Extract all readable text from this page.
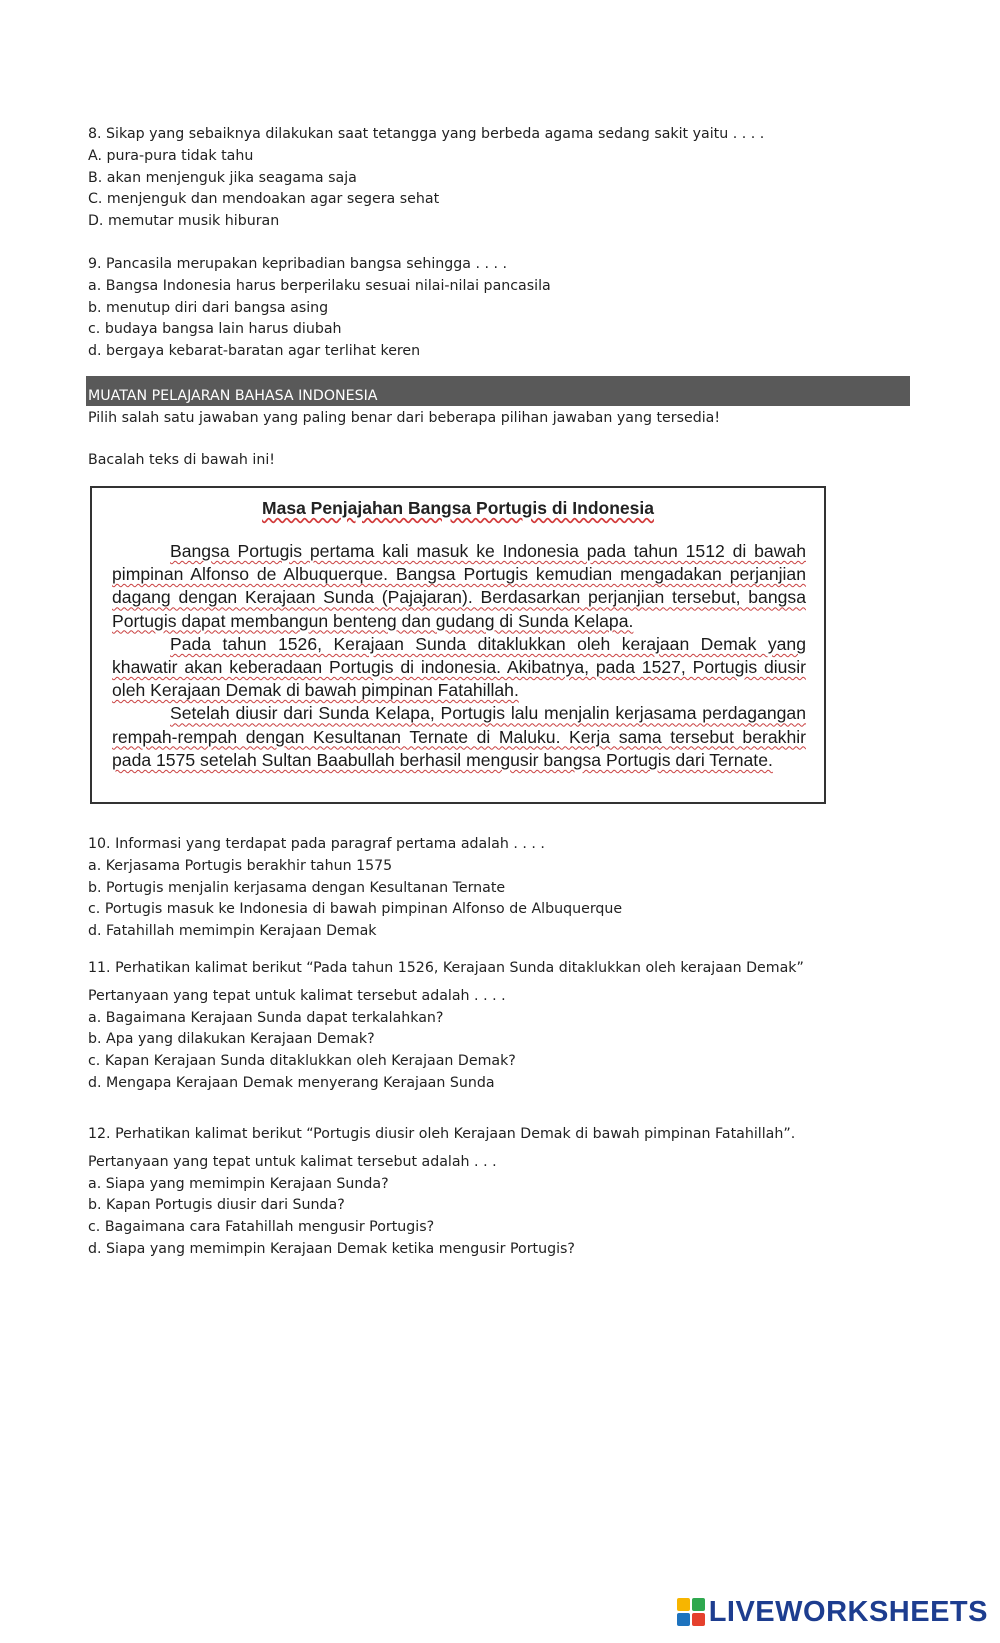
8. Sikap yang sebaiknya dilakukan saat tetangga yang berbeda agama sedang sakit yaitu . . . .
A. pura-pura tidak tahu
B. akan menjenguk jika seagama saja
C. menjenguk dan mendoakan agar segera sehat
D. memutar musik hiburan
9. Pancasila merupakan kepribadian bangsa sehingga . . . .
a. Bangsa Indonesia harus berperilaku sesuai nilai-nilai pancasila
b. menutup diri dari bangsa asing
c. budaya bangsa lain harus diubah
d. bergaya kebarat-baratan agar terlihat keren
MUATAN PELAJARAN BAHASA INDONESIA
Pilih salah satu jawaban yang paling benar dari beberapa pilihan jawaban yang tersedia!
Bacalah teks di bawah ini!
Masa Penjajahan Bangsa Portugis di Indonesia

Bangsa Portugis pertama kali masuk ke Indonesia pada tahun 1512 di bawah pimpinan Alfonso de Albuquerque. Bangsa Portugis kemudian mengadakan perjanjian dagang dengan Kerajaan Sunda (Pajajaran). Berdasarkan perjanjian tersebut, bangsa Portugis dapat membangun benteng dan gudang di Sunda Kelapa.

Pada tahun 1526, Kerajaan Sunda ditaklukkan oleh kerajaan Demak yang khawatir akan keberadaan Portugis di indonesia. Akibatnya, pada 1527, Portugis diusir oleh Kerajaan Demak di bawah pimpinan Fatahillah.

Setelah diusir dari Sunda Kelapa, Portugis lalu menjalin kerjasama perdagangan rempah-rempah dengan Kesultanan Ternate di Maluku. Kerja sama tersebut berakhir pada 1575 setelah Sultan Baabullah berhasil mengusir bangsa Portugis dari Ternate.

10. Informasi yang terdapat pada paragraf pertama adalah . . . .
a. Kerjasama Portugis berakhir tahun 1575
b. Portugis menjalin kerjasama dengan Kesultanan Ternate
c. Portugis masuk ke Indonesia di bawah pimpinan Alfonso de Albuquerque
d. Fatahillah memimpin Kerajaan Demak
11. Perhatikan kalimat berikut “Pada tahun 1526, Kerajaan Sunda ditaklukkan oleh kerajaan Demak”
Pertanyaan yang tepat untuk kalimat tersebut adalah . . . .
a. Bagaimana Kerajaan Sunda dapat terkalahkan?
b. Apa yang dilakukan Kerajaan Demak?
c. Kapan Kerajaan Sunda ditaklukkan oleh Kerajaan Demak?
d. Mengapa Kerajaan Demak menyerang Kerajaan Sunda
12. Perhatikan kalimat berikut “Portugis diusir oleh Kerajaan Demak di bawah pimpinan Fatahillah”.
Pertanyaan yang tepat untuk kalimat tersebut adalah . . .
a. Siapa yang memimpin Kerajaan Sunda?
b. Kapan Portugis diusir dari Sunda?
c. Bagaimana cara Fatahillah mengusir Portugis?
d. Siapa yang memimpin Kerajaan Demak ketika mengusir Portugis?
LIVEWORKSHEETS
